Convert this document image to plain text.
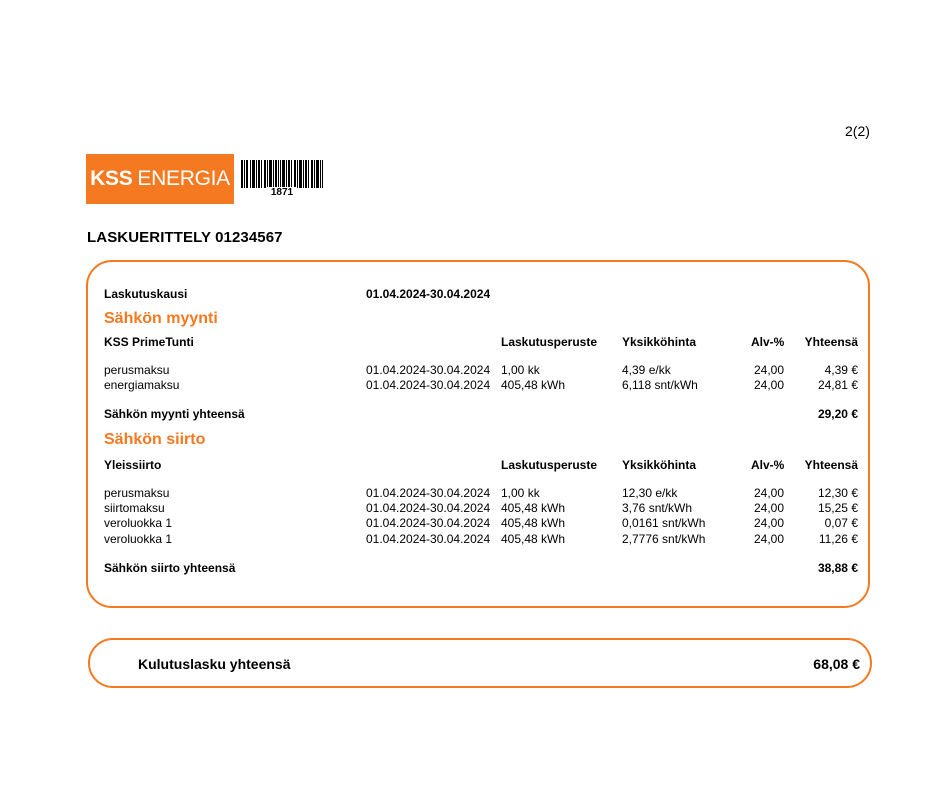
2(2)
KSS ENERGIA
1871
LASKUERITTELY 01234567
Laskutuskausi	01.04.2024-30.04.2024
Sähkön myynti
KSS PrimeTunti	Laskutusperuste Yksikköhinta	Alv-%	Yhteensä
perusmaksu	01.04.2024-30.04.2024 1,00 kk	4,39 e/kk	24,00	4,39 €
energiamaksu	01.04.2024-30.04.2024 405,48 kWh	6,118 snt/kWh	24,00	24,81 €
Sähkön myynti yhteensä	29,20 €
Sähkön siirto
Yleissiirto	Laskutusperuste Yksikköhinta	Alv-%	Yhteensä
perusmaksu	01.04.2024-30.04.2024 1,00 kk	12,30 e/kk	24,00	12,30 €
siirtomaksu	01.04.2024-30.04.2024 405,48 kWh	3,76 snt/kWh	24,00	15,25 €
veroluokka 1	01.04.2024-30.04.2024 405,48 kWh	0,0161 snt/kWh	24,00	0,07 €
veroluokka 1	01.04.2024-30.04.2024 405,48 kWh	2,7776 snt/kWh	24,00	11,26 €
Sähkön siirto yhteensä	38,88 €
Kulutuslasku yhteensä	68,08 €
